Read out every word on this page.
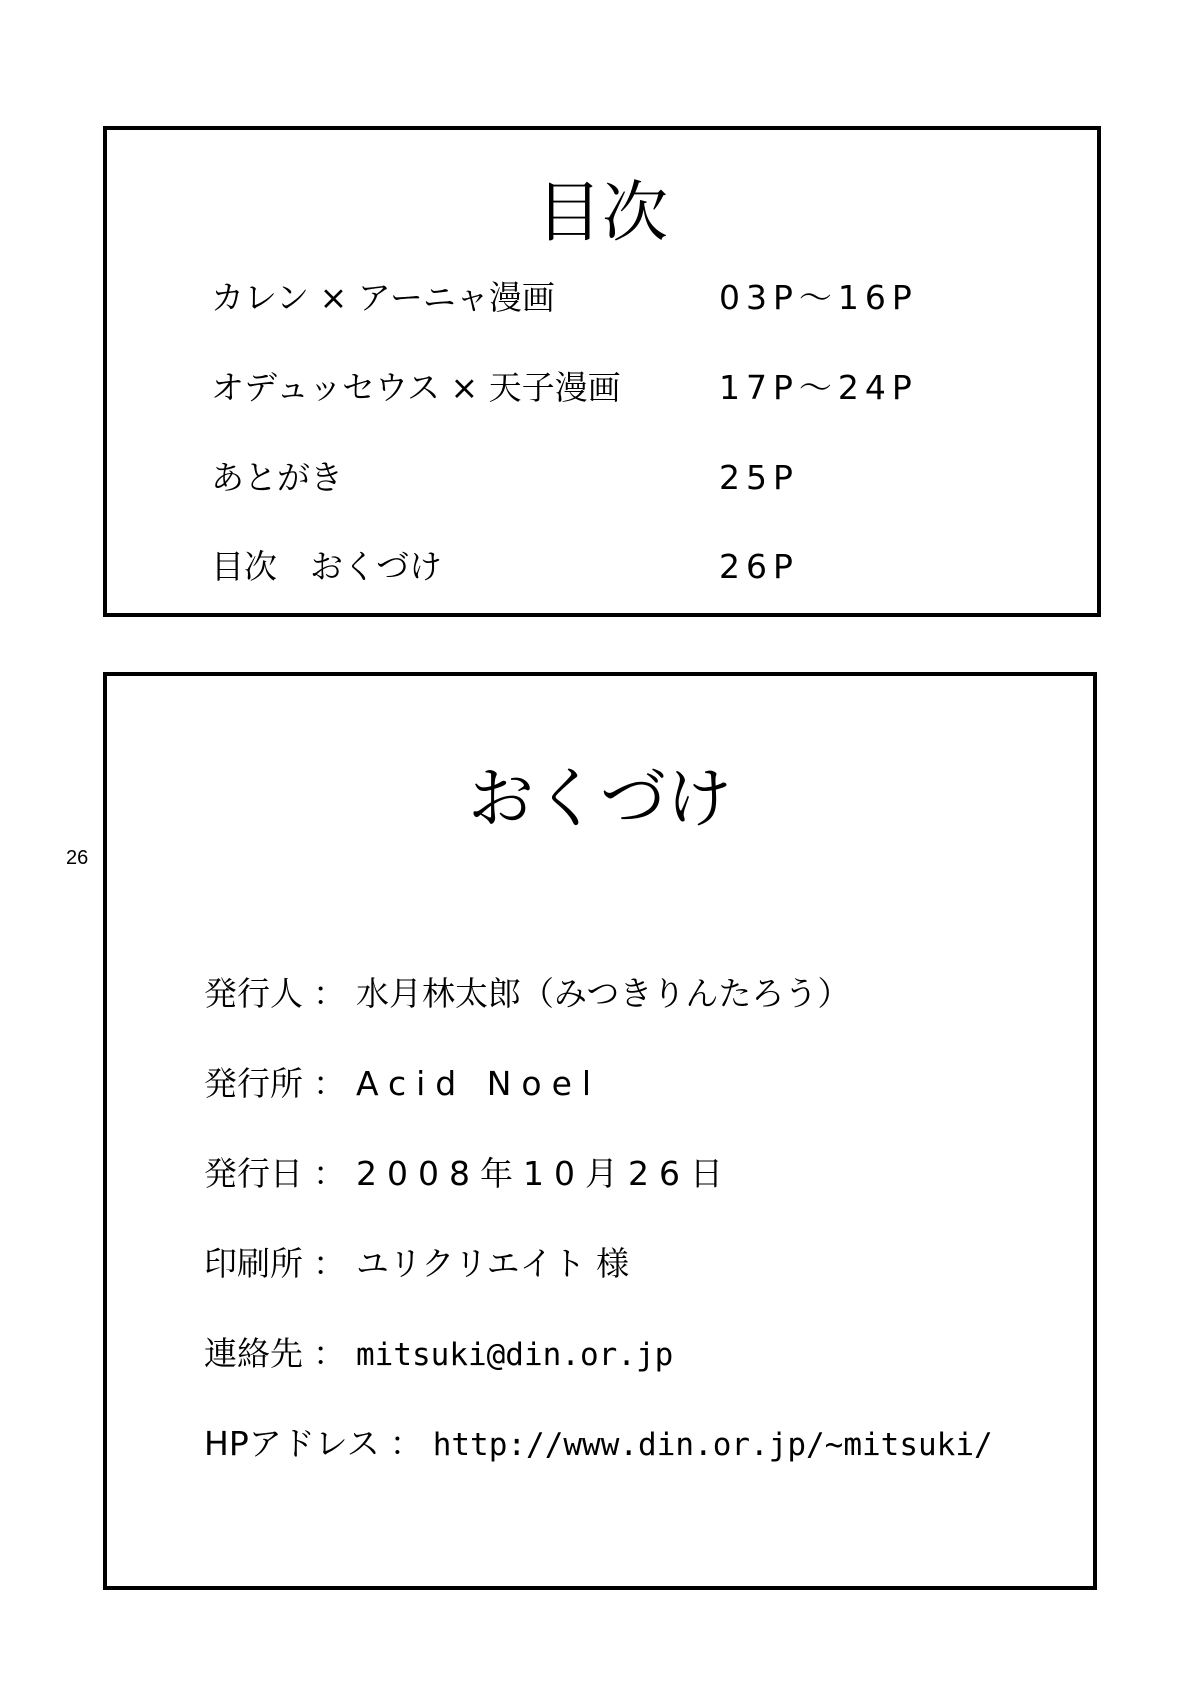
26
目次
カレン × アーニャ漫画	03P～16P
オデュッセウス × 天子漫画	17P～24P
あとがき	25P
目次　おくづけ	26P
おくづけ
発行人 ： 水月林太郎（みつきりんたろう）
発行所 ： Acid Noel
発行日 ： 2008年10月26日
印刷所 ： ユリクリエイト 様
連絡先 ： mitsuki@din.or.jp
HPアドレス ： http://www.din.or.jp/~mitsuki/
